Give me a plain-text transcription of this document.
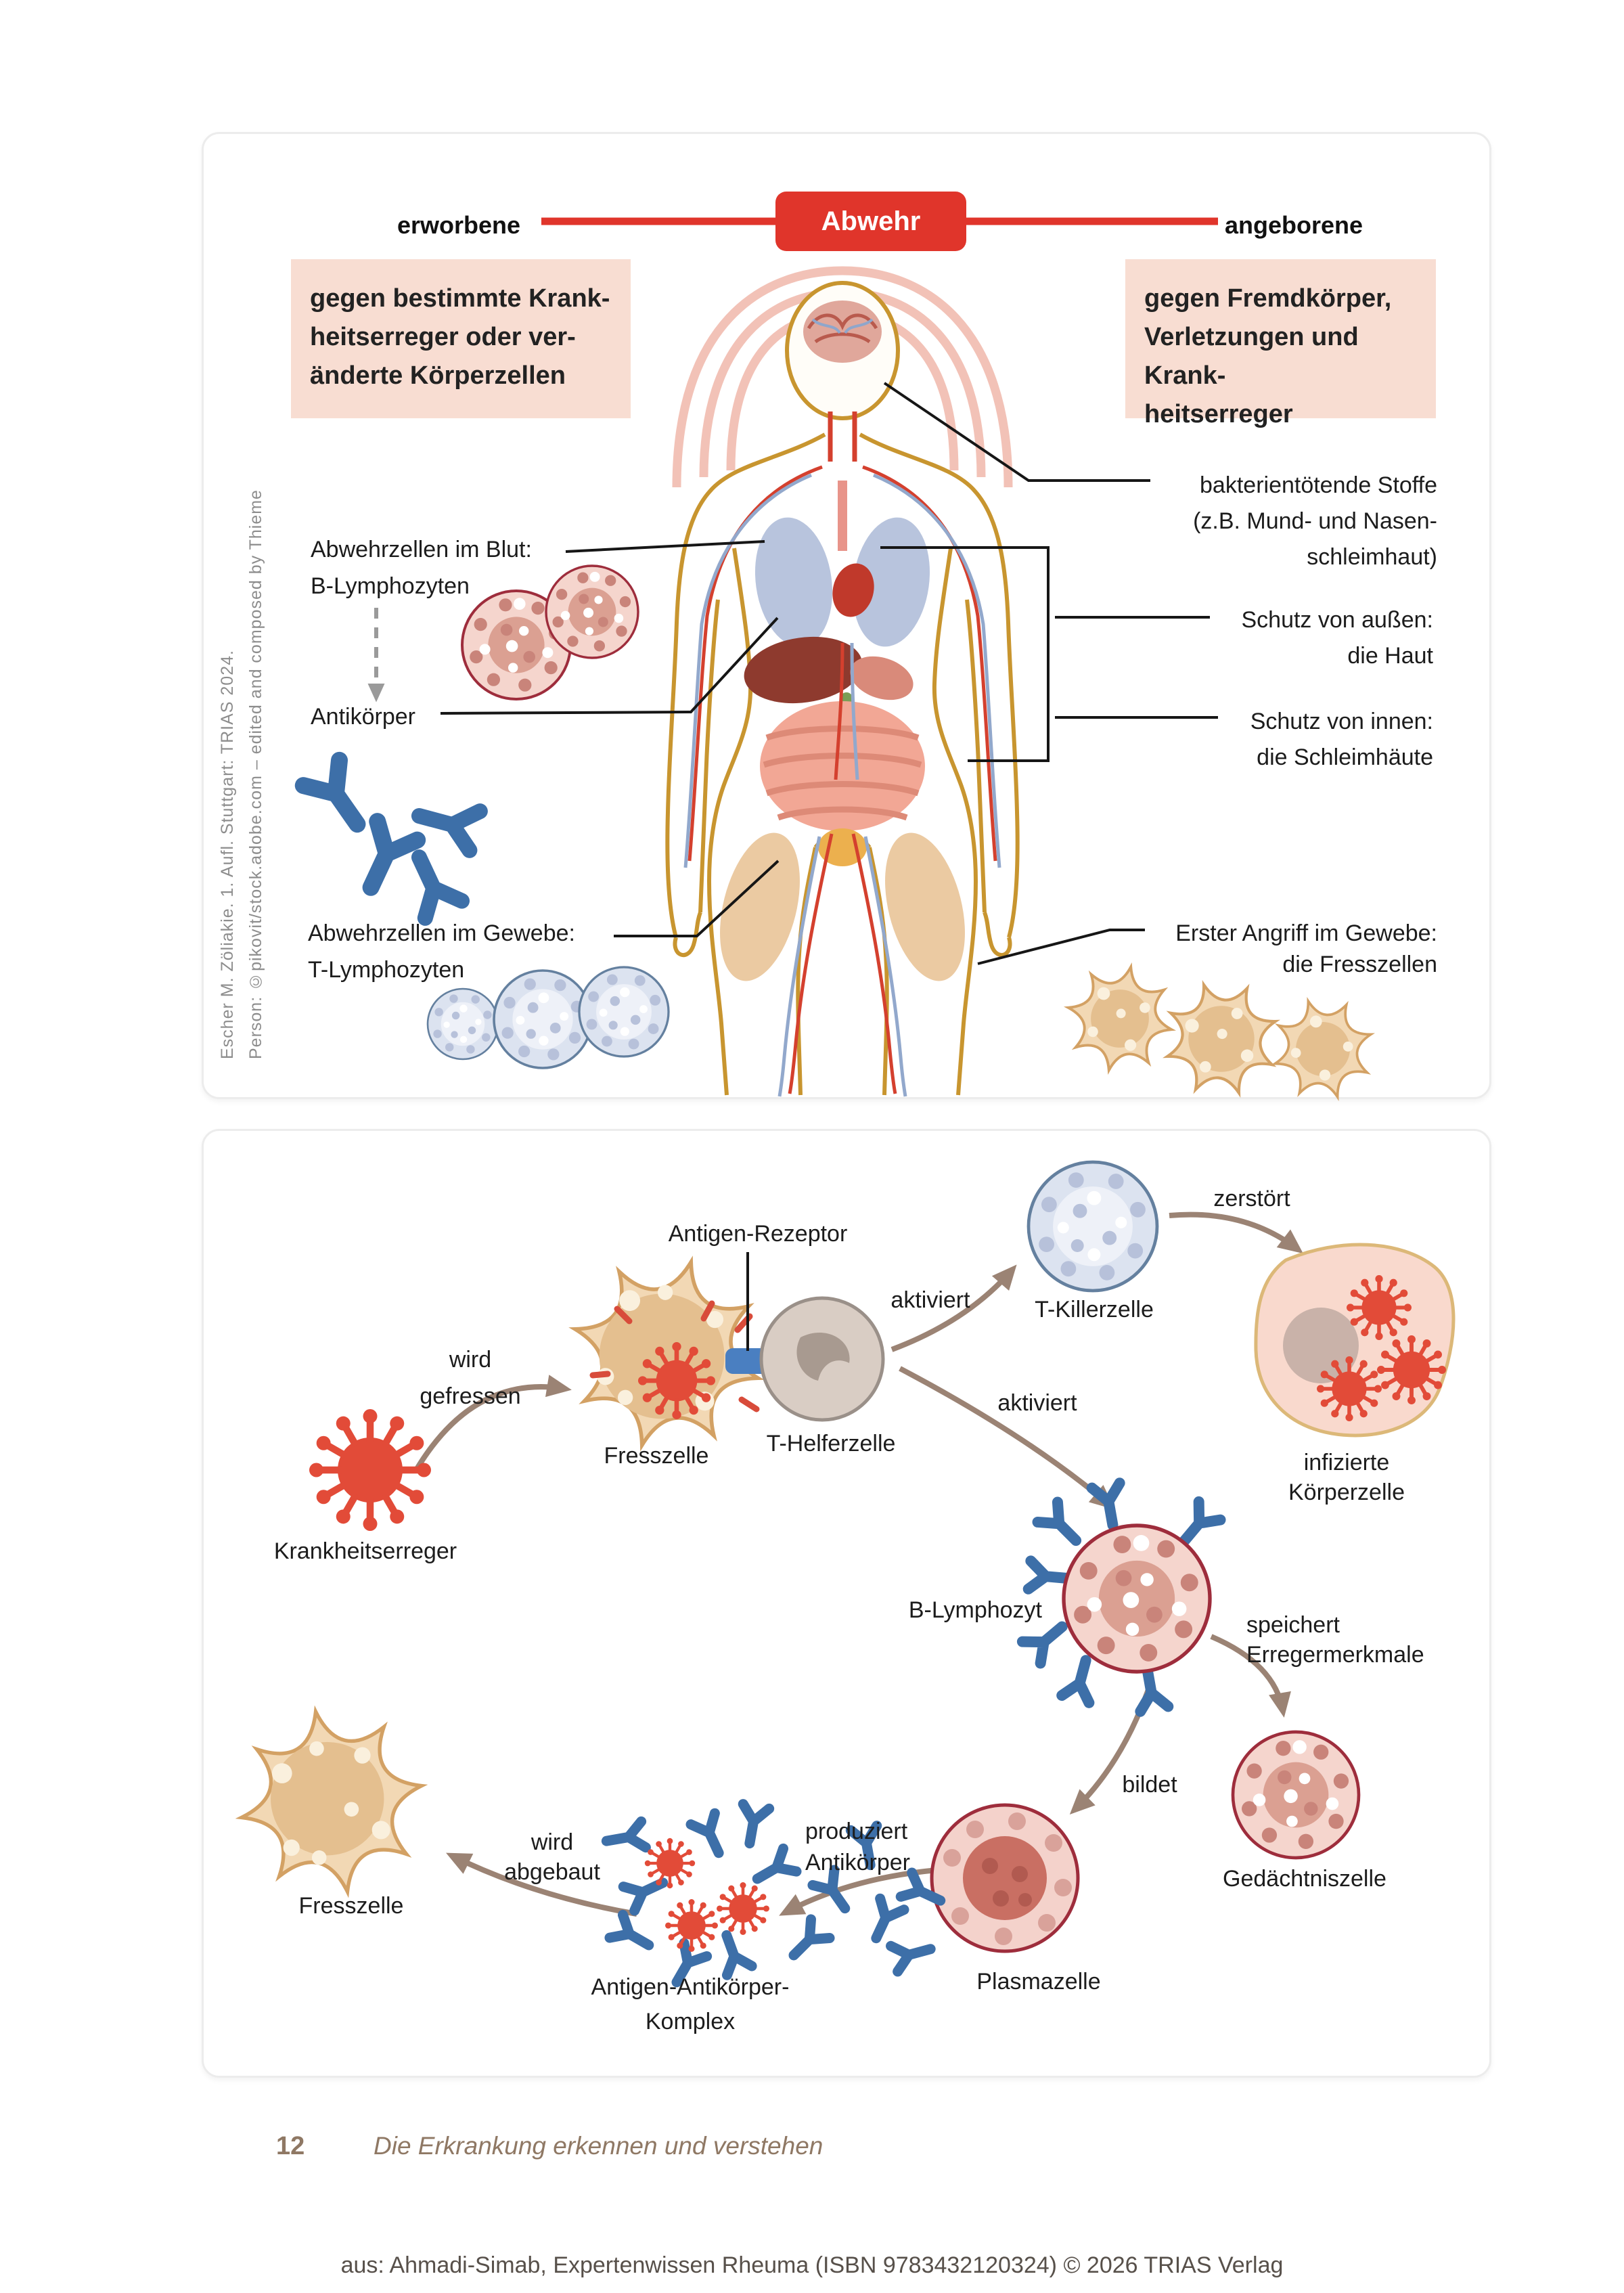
erworbene	Abwehr	angeborene
gegen bestimmte Krank-
heitserreger oder ver-
änderte Körperzellen
gegen Fremdkörper,
Verletzungen und Krank-
heitserreger
Escher M. Zöliakie. 1. Aufl. Stuttgart: TRIAS 2024. Person: ©pikovit/stock.adobe.com – edited and composed by Thieme Abwehrzellen im Blut:
B-Lymphozyten
Antikörper
Abwehrzellen im Gewebe:
T-Lymphozyten
bakterientötende Stoffe
(z.B. Mund- und Nasen-
schleimhaut)
Schutz von außen:
die Haut
Schutz von innen:
die Schleimhäute
Erster Angriff im Gewebe:
die Fresszellen
Antigen-Rezeptor
wird
gefressen
Krankheitserreger
Fresszelle	T-Helferzelle
aktiviert	T-Killerzelle
zerstört
infizierte
Körperzelle
aktiviert
B-Lymphozyt
speichert
Erregermerkmale
Gedächtniszelle
bildet
Plasmazelle
produziert
Antikörper
wird
abgebaut
Fresszelle
Antigen-Antikörper-
Komplex
12	Die Erkrankung erkennen und verstehen
aus: Ahmadi-Simab, Expertenwissen Rheuma (ISBN 9783432120324) © 2026 TRIAS Verlag
